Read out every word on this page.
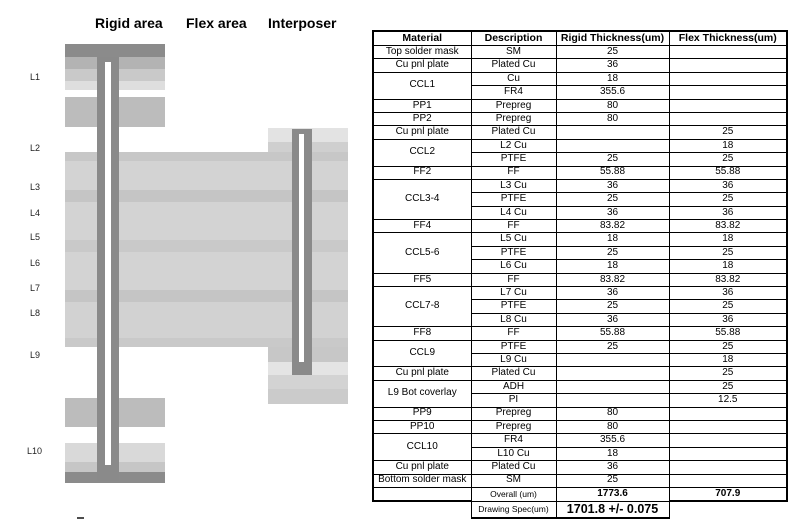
Rigid area Flex area Interposer
L1
L2
L3
L4
L5
L6
L7
L8
L9
L10
Material	Description	Rigid Thickness(um)	Flex Thickness(um)
Top solder mask	SM	25	
Cu pnl plate	Plated Cu	36	
CCL1	Cu	18	
	FR4	355.6	
PP1	Prepreg	80	
PP2	Prepreg	80	
Cu pnl plate	Plated Cu		25
CCL2	L2 Cu		18
	PTFE	25	25
FF2	FF	55.88	55.88
CCL3-4	L3 Cu	36	36
	PTFE	25	25
	L4 Cu	36	36
FF4	FF	83.82	83.82
CCL5-6	L5 Cu	18	18
	PTFE	25	25
	L6 Cu	18	18
FF5	FF	83.82	83.82
CCL7-8	L7 Cu	36	36
	PTFE	25	25
	L8 Cu	36	36
FF8	FF	55.88	55.88
CCL9	PTFE	25	25
	L9 Cu		18
Cu pnl plate	Plated Cu		25
L9 Bot coverlay	ADH		25
	PI		12.5
PP9	Prepreg	80	
PP10	Prepreg	80	
CCL10	FR4	355.6	
	L10 Cu	18	
Cu pnl plate	Plated Cu	36	
Bottom solder mask	SM	25	
	Overall (um)	1773.6	707.9
	Drawing Spec(um)	1701.8 +/- 0.075	
